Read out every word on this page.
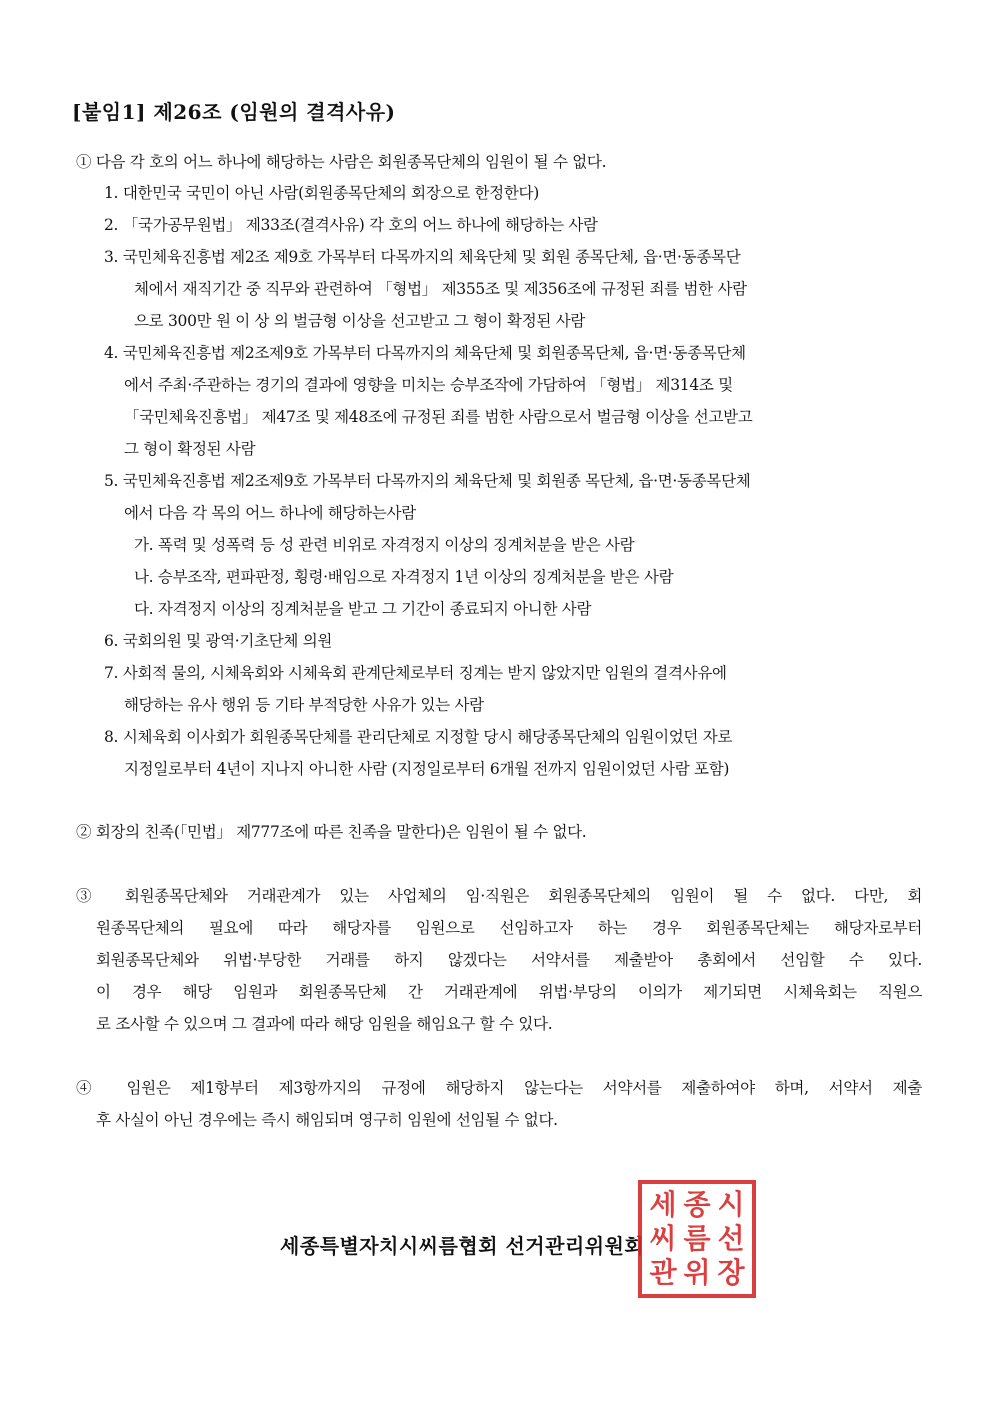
[붙임1] 제26조 (임원의 결격사유)
① 다음 각 호의 어느 하나에 해당하는 사람은 회원종목단체의 임원이 될 수 없다.
1. 대한민국 국민이 아닌 사람(회원종목단체의 회장으로 한정한다)
2. 「국가공무원법」 제33조(결격사유) 각 호의 어느 하나에 해당하는 사람
3. 국민체육진흥법 제2조 제9호 가목부터 다목까지의 체육단체 및 회원 종목단체, 읍·면·동종목단
체에서 재직기간 중 직무와 관련하여 「형법」 제355조 및 제356조에 규정된 죄를 범한 사람
으로 300만 원 이 상 의 벌금형 이상을 선고받고 그 형이 확정된 사람
4. 국민체육진흥법 제2조제9호 가목부터 다목까지의 체육단체 및 회원종목단체, 읍·면·동종목단체
에서 주최·주관하는 경기의 결과에 영향을 미치는 승부조작에 가담하여 「형법」 제314조 및
「국민체육진흥법」 제47조 및 제48조에 규정된 죄를 범한 사람으로서 벌금형 이상을 선고받고
그 형이 확정된 사람
5. 국민체육진흥법 제2조제9호 가목부터 다목까지의 체육단체 및 회원종 목단체, 읍·면·동종목단체
에서 다음 각 목의 어느 하나에 해당하는사람
가. 폭력 및 성폭력 등 성 관련 비위로 자격정지 이상의 징계처분을 받은 사람
나. 승부조작, 편파판정, 횡령·배임으로 자격정지 1년 이상의 징계처분을 받은 사람
다. 자격정지 이상의 징계처분을 받고 그 기간이 종료되지 아니한 사람
6. 국회의원 및 광역·기초단체 의원
7. 사회적 물의, 시체육회와 시체육회 관계단체로부터 징계는 받지 않았지만 임원의 결격사유에
해당하는 유사 행위 등 기타 부적당한 사유가 있는 사람
8. 시체육회 이사회가 회원종목단체를 관리단체로 지정할 당시 해당종목단체의 임원이었던 자로
지정일로부터 4년이 지나지 아니한 사람 (지정일로부터 6개월 전까지 임원이었던 사람 포함)
② 회장의 친족(「민법」 제777조에 따른 친족을 말한다)은 임원이 될 수 없다.
③ 회원종목단체와 거래관계가 있는 사업체의 임·직원은 회원종목단체의 임원이 될 수 없다. 다만, 회
원종목단체의 필요에 따라 해당자를 임원으로 선임하고자 하는 경우 회원종목단체는 해당자로부터
회원종목단체와 위법·부당한 거래를 하지 않겠다는 서약서를 제출받아 총회에서 선임할 수 있다.
이 경우 해당 임원과 회원종목단체 간 거래관계에 위법·부당의 이의가 제기되면 시체육회는 직원으
로 조사할 수 있으며 그 결과에 따라 해당 임원을 해임요구 할 수 있다.
④ 임원은 제1항부터 제3항까지의 규정에 해당하지 않는다는 서약서를 제출하여야 하며, 서약서 제출
후 사실이 아닌 경우에는 즉시 해임되며 영구히 임원에 선임될 수 없다.
세종특별자치시씨름협회 선거관리위원회
세 종 시
씨 름 선
관 위 장
